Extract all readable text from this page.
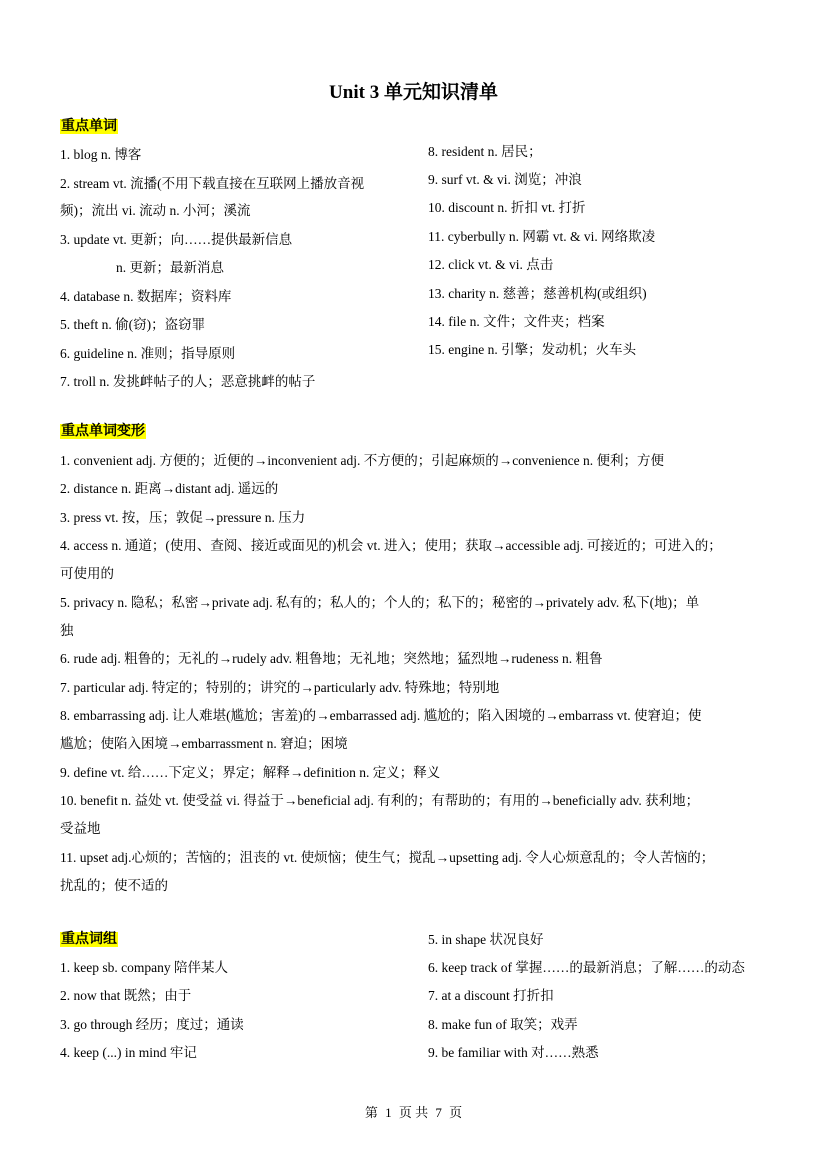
Unit 3 单元知识清单
重点单词
1. blog n. 博客
2. stream vt. 流播(不用下载直接在互联网上播放音视
频)；流出 vi. 流动 n. 小河；溪流
3. update vt. 更新；向……提供最新信息
n. 更新；最新消息
4. database n. 数据库；资料库
5. theft n. 偷(窃)；盗窃罪
6. guideline n. 准则；指导原则
7. troll n. 发挑衅帖子的人；恶意挑衅的帖子
8. resident n. 居民；
9. surf vt. & vi. 浏览；冲浪
10. discount n. 折扣 vt. 打折
11. cyberbully n. 网霸 vt. & vi. 网络欺凌
12. click vt. & vi. 点击
13. charity n. 慈善；慈善机构(或组织)
14. file n. 文件；文件夹；档案
15. engine n. 引擎；发动机；火车头
重点单词变形
1. convenient adj. 方便的；近便的→inconvenient adj. 不方便的；引起麻烦的→convenience n. 便利；方便
2. distance n. 距离→distant adj. 遥远的
3. press vt. 按，压；敦促→pressure n. 压力
4. access n. 通道；(使用、查阅、接近或面见的)机会 vt. 进入；使用；获取→accessible adj. 可接近的；可进入的；
可使用的
5. privacy n. 隐私；私密→private adj. 私有的；私人的；个人的；私下的；秘密的→privately adv. 私下(地)；单
独
6. rude adj. 粗鲁的；无礼的→rudely adv. 粗鲁地；无礼地；突然地；猛烈地→rudeness n. 粗鲁
7. particular adj. 特定的；特别的；讲究的→particularly adv. 特殊地；特别地
8. embarrassing adj. 让人难堪(尴尬；害羞)的→embarrassed adj. 尴尬的；陷入困境的→embarrass vt. 使窘迫；使
尴尬；使陷入困境→embarrassment n. 窘迫；困境
9. define vt. 给……下定义；界定；解释→definition n. 定义；释义
10. benefit n. 益处 vt. 使受益 vi. 得益于→beneficial adj. 有利的；有帮助的；有用的→beneficially adv. 获利地；
受益地
11. upset adj.心烦的；苦恼的；沮丧的 vt. 使烦恼；使生气；搅乱→upsetting adj. 令人心烦意乱的；令人苦恼的；
扰乱的；使不适的
重点词组
1. keep sb. company 陪伴某人
2. now that 既然；由于
3. go through 经历；度过；通读
4. keep (...) in mind 牢记
5. in shape 状况良好
6. keep track of 掌握……的最新消息；了解……的动态
7. at a discount 打折扣
8. make fun of 取笑；戏弄
9. be familiar with 对……熟悉
第 1 页 共 7 页
